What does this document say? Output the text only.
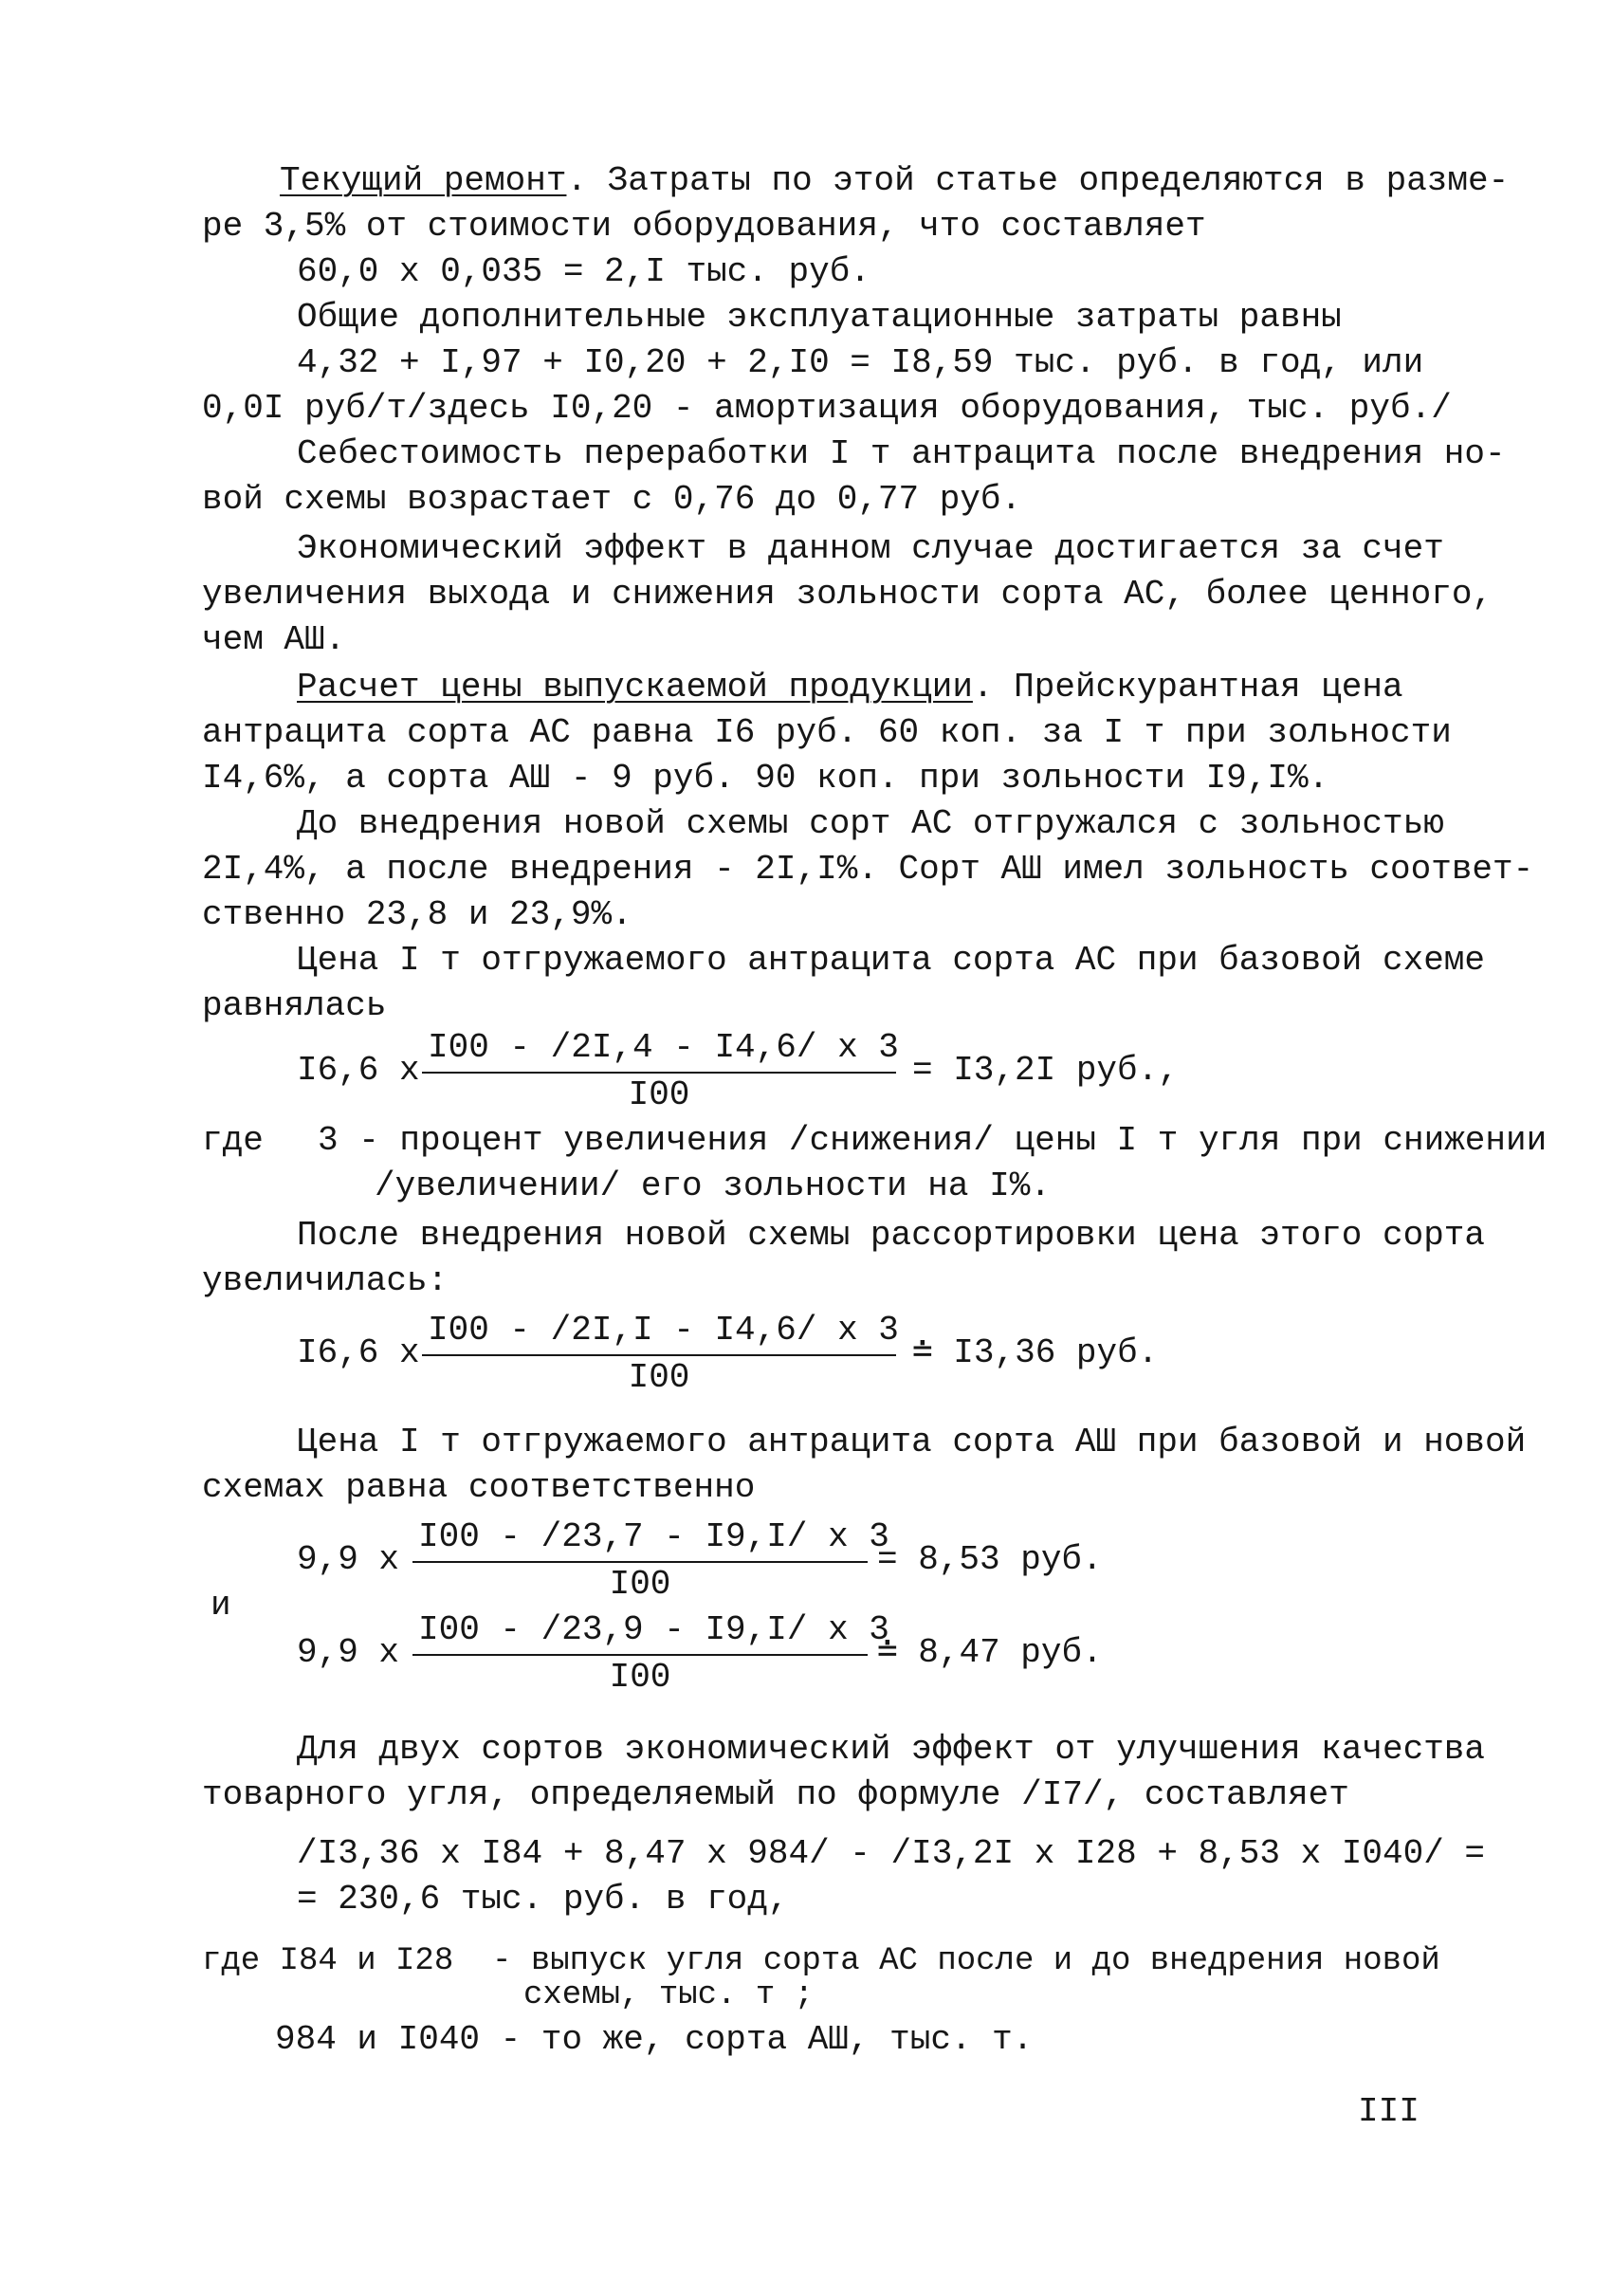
Текущий ремонт. Затраты по этой статье определяются в разме-
ре 3,5% от стоимости оборудования, что составляет
60,0 х 0,035 = 2,I тыс. руб.
Общие дополнительные эксплуатационные затраты равны
4,32 + I,97 + I0,20 + 2,I0 = I8,59 тыс. руб. в год, или
0,0I руб/т/здесь I0,20 - амортизация оборудования, тыс. руб./
Себестоимость переработки I т антрацита после внедрения но-
вой схемы возрастает с 0,76 до 0,77 руб.
Экономический эффект в данном случае достигается за счет
увеличения выхода и снижения зольности сорта АС, более ценного,
чем АШ.
Расчет цены выпускаемой продукции. Прейскурантная цена
антрацита сорта АС равна I6 руб. 60 коп. за I т при зольности
I4,6%, а сорта АШ - 9 руб. 90 коп. при зольности I9,I%.
До внедрения новой схемы сорт АС отгружался с зольностью
2I,4%, а после внедрения - 2I,I%. Сорт АШ имел зольность соответ-
ственно 23,8 и 23,9%.
Цена I т отгружаемого антрацита сорта АС при базовой схеме
равнялась
I6,6 х
I00 - /2I,4 - I4,6/ х 3
I00
= I3,2I руб.,
где 3 - процент увеличения /снижения/ цены I т угля при снижении
/увеличении/ его зольности на I%.
После внедрения новой схемы рассортировки цена этого сорта
увеличилась:
I6,6 х
I00 - /2I,I - I4,6/ х 3
I00
≐ I3,36 руб.
Цена I т отгружаемого антрацита сорта АШ при базовой и новой
схемах равна соответственно
9,9 х
I00 - /23,7 - I9,I/ х 3
I00
= 8,53 руб.
и
9,9 х
I00 - /23,9 - I9,I/ х 3
I00
≐ 8,47 руб.
Для двух сортов экономический эффект от улучшения качества
товарного угля, определяемый по формуле /I7/, составляет
/I3,36 х I84 + 8,47 х 984/ - /I3,2I х I28 + 8,53 х I040/ =
= 230,6 тыс. руб. в год,
где I84 и I28  - выпуск угля сорта АС после и до внедрения новой
схемы, тыс. т ;
984 и I040 - то же, сорта АШ, тыс. т.
III
